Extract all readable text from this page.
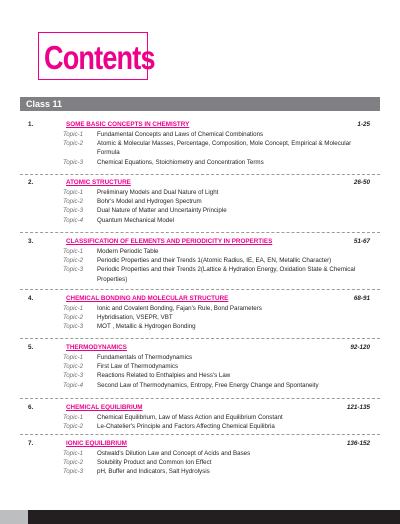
Contents
Class 11
1.	SOME BASIC CONCEPTS IN CHEMISTRY	1-25
Topic-1 Fundamental Concepts and Laws of Chemical Combinations
Topic-2 Atomic & Molecular Masses, Percentage, Composition, Mole Concept, Empirical & Molecular Formula
Topic-3 Chemical Equations, Stoichiometry and Concentration Terms
2.	ATOMIC STRUCTURE	26-50
Topic-1 Preliminary Models and Dual Nature of Light
Topic-2 Bohr's Model and Hydrogen Spectrum
Topic-3 Dual Nature of Matter and Uncertainty Principle
Topic-4 Quantum Mechanical Model
3.	CLASSIFICATION OF ELEMENTS AND PERIODICITY IN PROPERTIES	51-67
Topic-1 Modern Periodic Table
Topic-2 Periodic Properties and their Trends 1(Atomic Radius, IE, EA, EN, Metallic Character)
Topic-3 Periodic Properties and their Trends 2(Lattice & Hydration Energy, Oxidation State & Chemical Properties)
4.	CHEMICAL BONDING AND MOLECULAR STRUCTURE	68-91
Topic-1 Ionic and Covalent Bonding, Fajan's Rule, Bond Parameters
Topic-2 Hybridisation, VSEPR, VBT
Topic-3 MOT , Metallic & Hydrogen Bonding
5.	THERMODYNAMICS	92-120
Topic-1 Fundamentals of Thermodynamics
Topic-2 First Law of Thermodynamics
Topic-3 Reactions Related to Enthalpies and Hess's Law
Topic-4 Second Law of Thermodynamics, Entropy, Free Energy Change and Spontaneity
6.	CHEMICAL EQUILIBRIUM	121-135
Topic-1 Chemical Equilibrium, Law of Mass Action and Equilibrium Constant
Topic-2 Le-Chatelier's Principle and Factors Affecting Chemical Equilibria
7.	IONIC EQUILIBRIUM	136-152
Topic-1 Ostwald's Dilution Law and Concept of Acids and Bases
Topic-2 Solubility Product and Common Ion Effect
Topic-3 pH, Buffer and Indicators, Salt Hydrolysis
